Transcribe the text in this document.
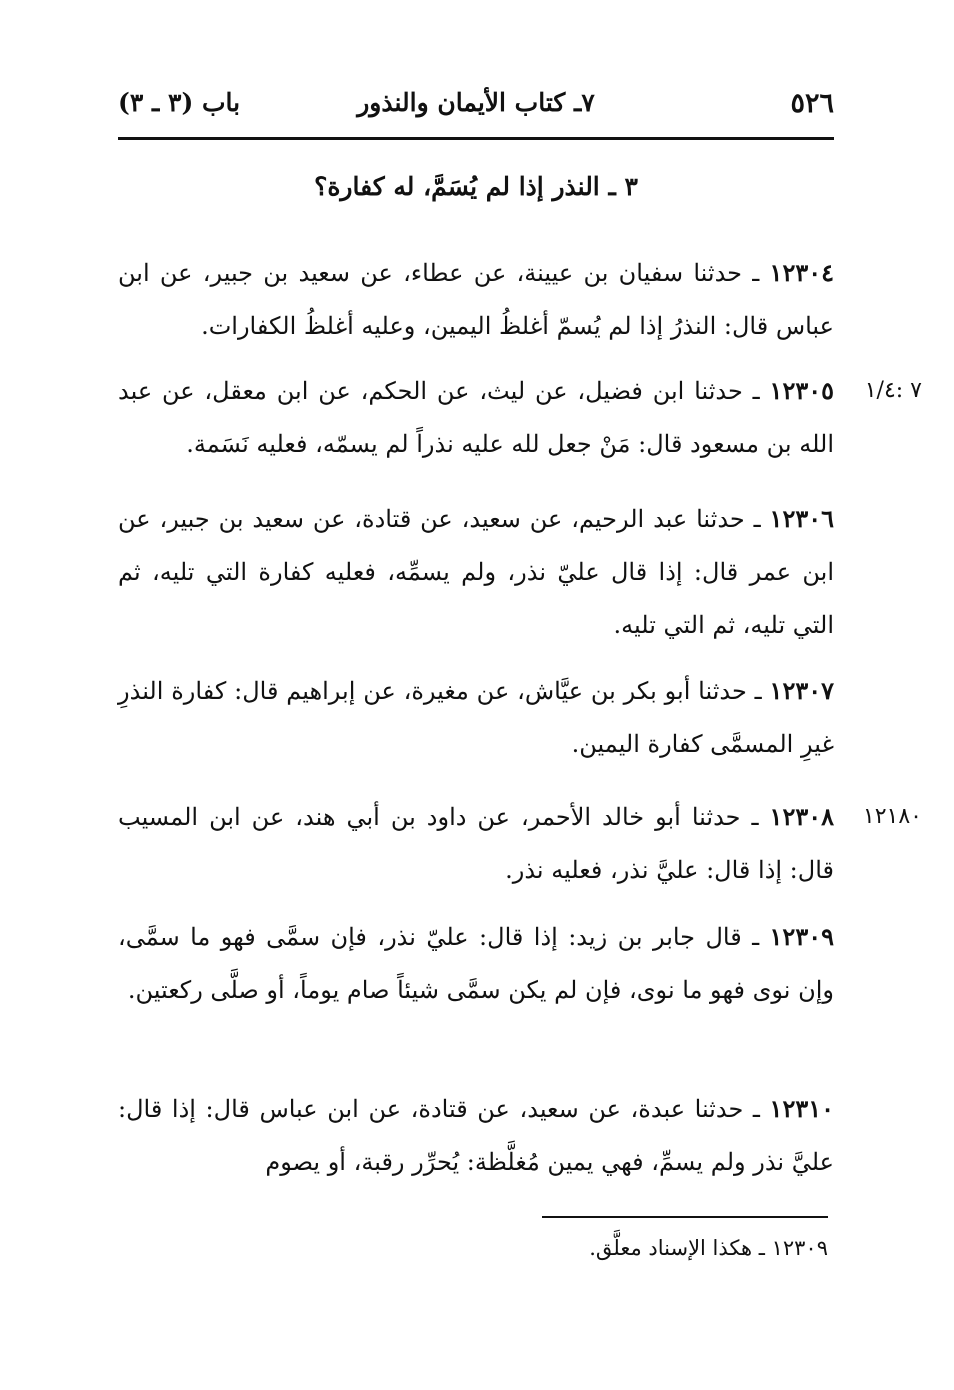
٥٢٦
٧ـ كتاب الأيمان والنذور
باب (٣ ـ ٣)
٣ ـ النذر إذا لم يُسَمَّ، له كفارة؟
١٢٣٠٤ ـ حدثنا سفيان بن عيينة، عن عطاء، عن سعيد بن جبير، عن ابن عباس قال: النذرُ إذا لم يُسمّ أغلظُ اليمين، وعليه أغلظُ الكفارات.
١٢٣٠٥ ـ حدثنا ابن فضيل، عن ليث، عن الحكم، عن ابن معقل، عن عبد الله بن مسعود قال: مَنْ جعل لله عليه نذراً لم يسمّه، فعليه نَسَمة.
٧ :١/٤
١٢٣٠٦ ـ حدثنا عبد الرحيم، عن سعيد، عن قتادة، عن سعيد بن جبير، عن ابن عمر قال: إذا قال عليّ نذر، ولم يسمِّه، فعليه كفارة التي تليه، ثم التي تليه، ثم التي تليه.
١٢٣٠٧ ـ حدثنا أبو بكر بن عيَّاش، عن مغيرة، عن إبراهيم قال: كفارة النذرِ غيرِ المسمَّى كفارة اليمين.
١٢٣٠٨ ـ حدثنا أبو خالد الأحمر، عن داود بن أبي هند، عن ابن المسيب قال: إذا قال: عليَّ نذر، فعليه نذر.
١٢١٨٠
١٢٣٠٩ ـ قال جابر بن زيد: إذا قال: عليّ نذر، فإن سمَّى فهو ما سمَّى، وإن نوى فهو ما نوى، فإن لم يكن سمَّى شيئاً صام يوماً، أو صلَّى ركعتين.
١٢٣١٠ ـ حدثنا عبدة، عن سعيد، عن قتادة، عن ابن عباس قال: إذا قال: عليَّ نذر ولم يسمِّ، فهي يمين مُغلَّظة: يُحرِّر رقبة، أو يصوم
١٢٣٠٩ ـ هكذا الإسناد معلَّق.
